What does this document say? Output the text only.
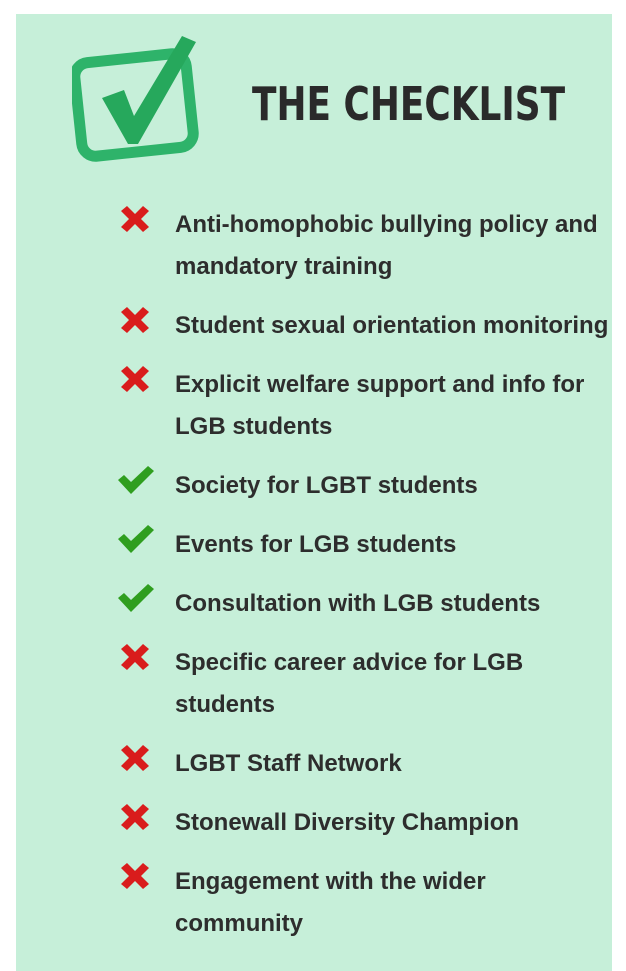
THE CHECKLIST
Anti-homophobic bullying policy and mandatory training
Student sexual orientation monitoring
Explicit welfare support and info for LGB students
Society for LGBT students
Events for LGB students
Consultation with LGB students
Specific career advice for LGB students
LGBT Staff Network
Stonewall Diversity Champion
Engagement with the wider community
